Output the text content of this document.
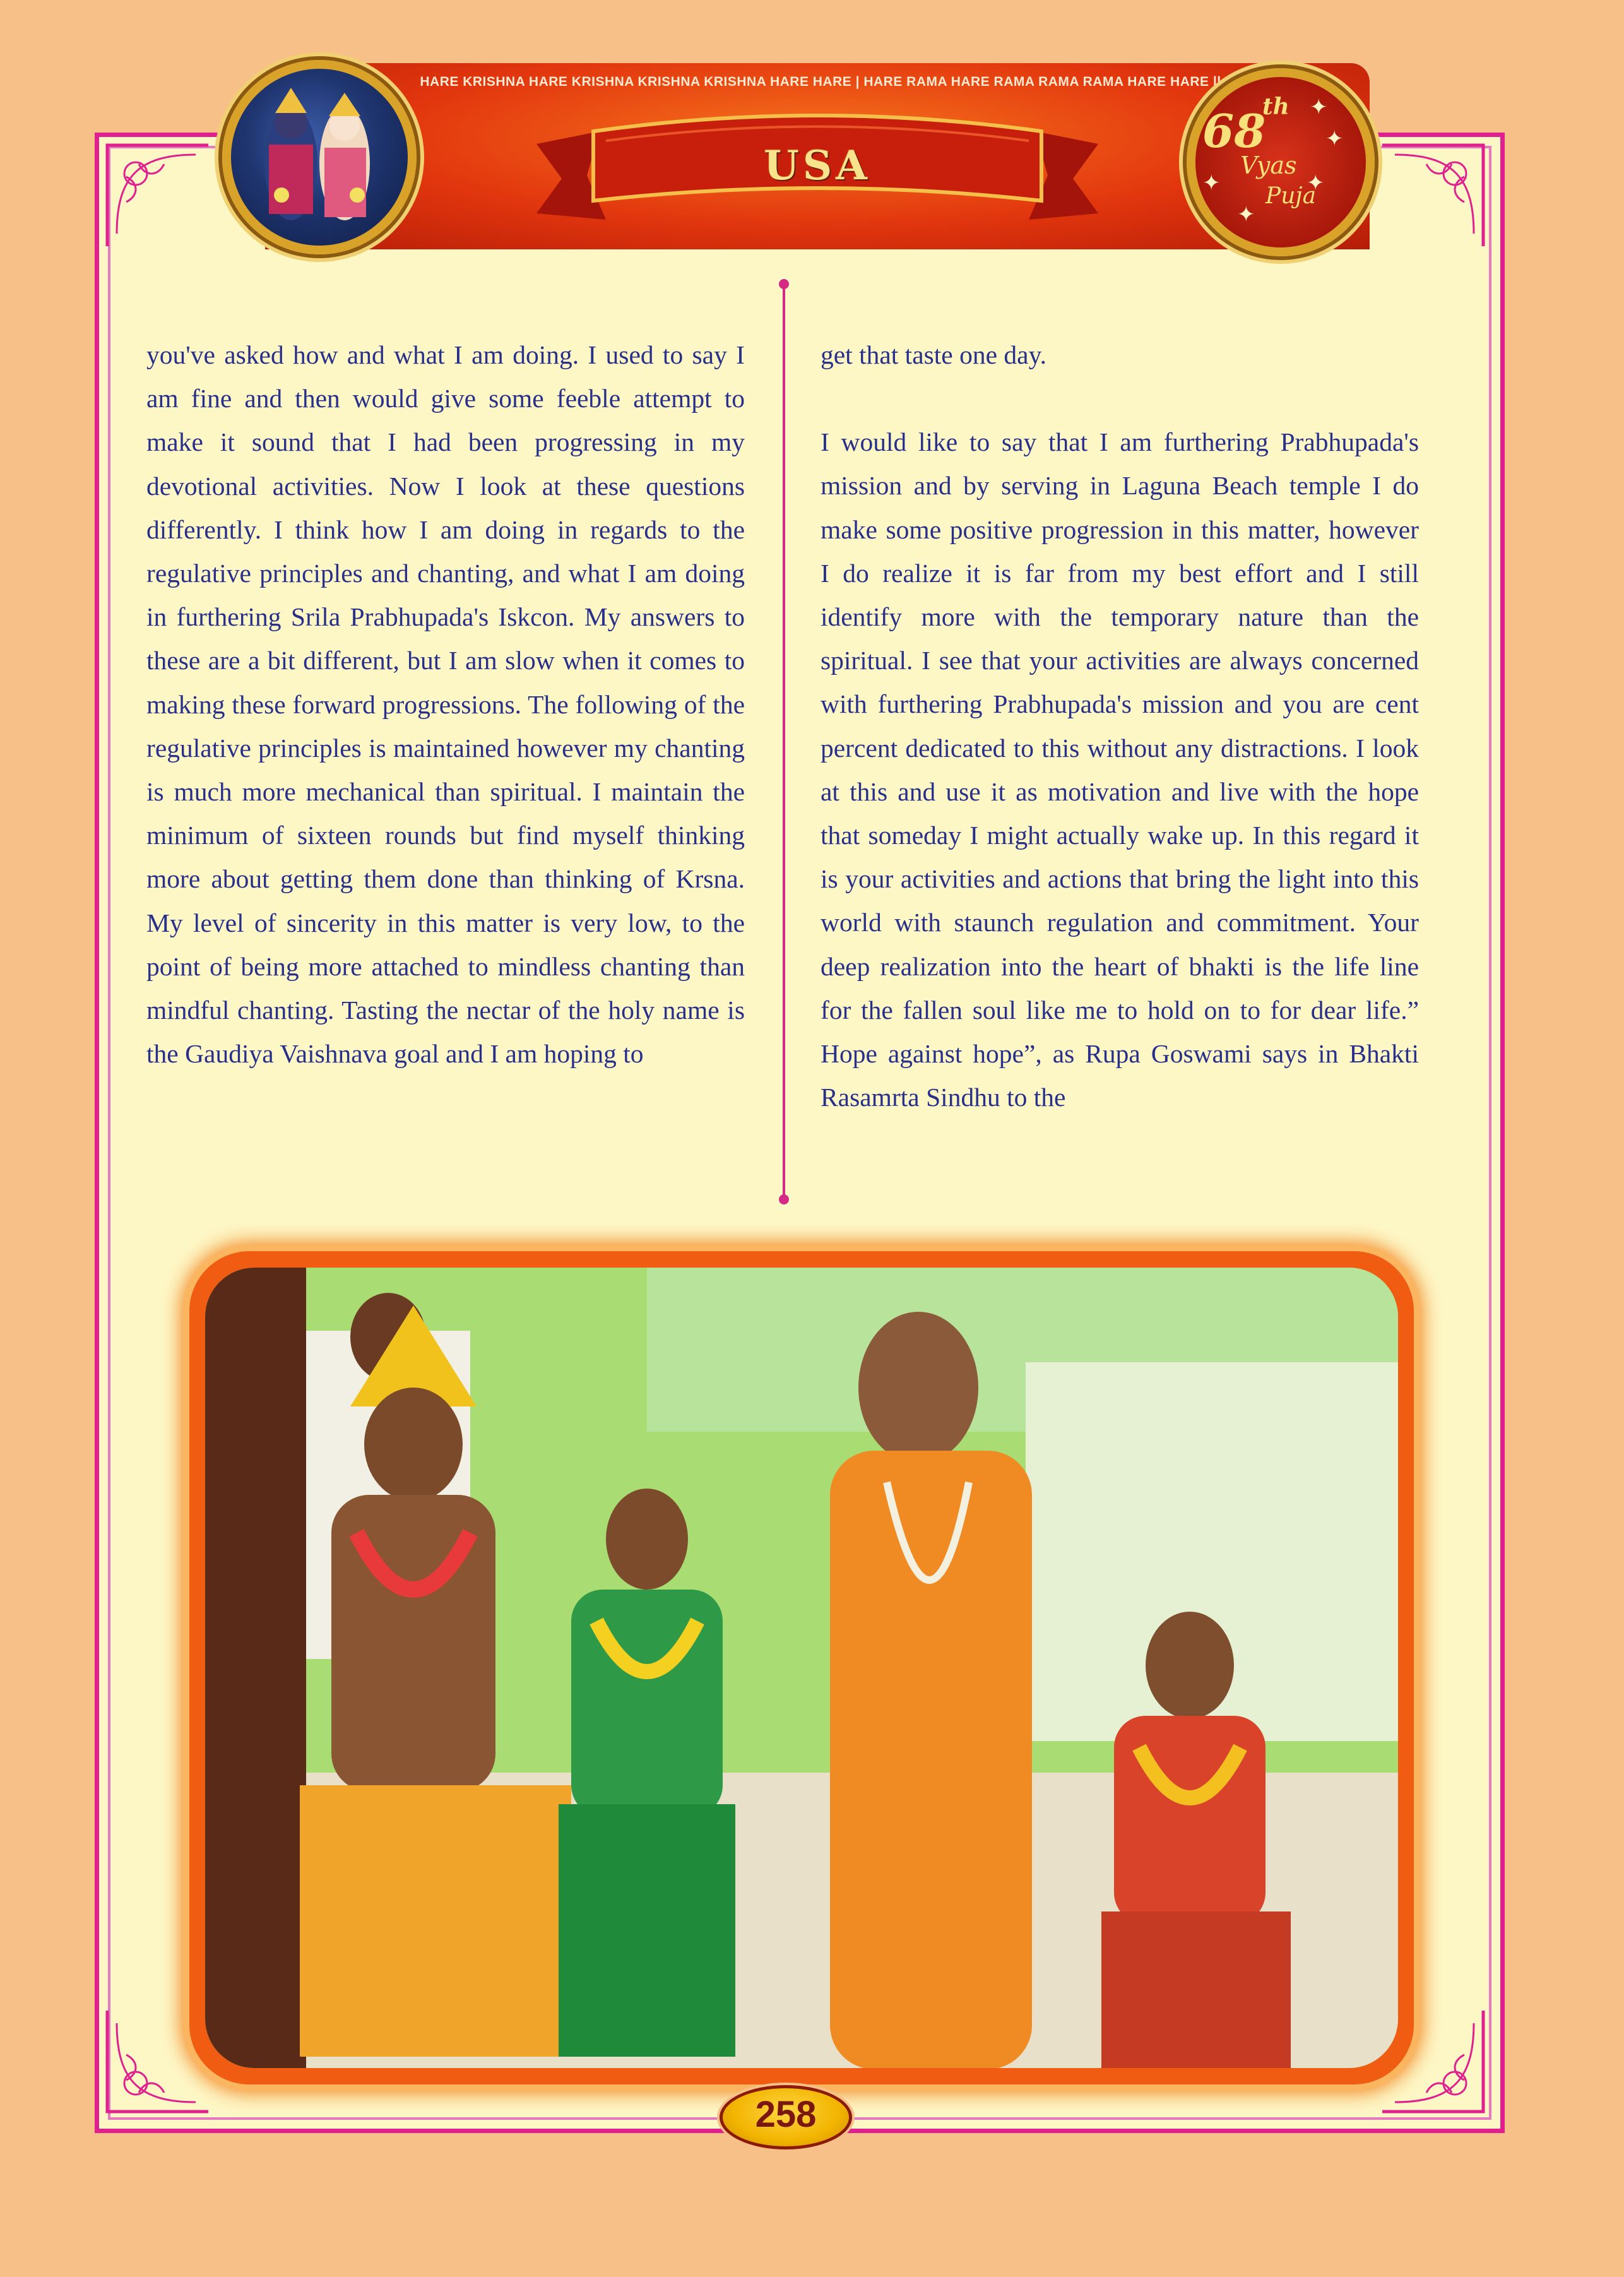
HARE KRISHNA HARE KRISHNA KRISHNA KRISHNA HARE HARE | HARE RAMA HARE RAMA RAMA RAMA HARE HARE ||
USA
68
th
Vyas
Puja
✦
✦
✦	✦
✦

you've asked how and what I am doing. I used to say I am fine and then would give some feeble attempt to make it sound that I had been progressing in my devotional activities. Now I look at these questions differently. I think how I am doing in regards to the regulative principles and chanting, and what I am doing in furthering Srila Prabhupada's Iskcon. My answers to these are a bit different, but I am slow when it comes to making these forward progressions. The following of the regulative principles is maintained however my chanting is much more mechanical than spiritual. I maintain the minimum of sixteen rounds but find myself thinking more about getting them done than thinking of Krsna. My level of sincerity in this matter is very low, to the point of being more attached to mindless chanting than mindful chanting. Tasting the nectar of the holy name is the Gaudiya Vaishnava goal and I am hoping to

get that taste one day.

I would like to say that I am furthering Prabhupada's mission and by serving in Laguna Beach temple I do make some positive progression in this matter, however I do realize it is far from my best effort and I still identify more with the temporary nature than the spiritual. I see that your activities are always concerned with furthering Prabhupada's mission and you are cent percent dedicated to this without any distractions. I look at this and use it as motivation and live with the hope that someday I might actually wake up. In this regard it is your activities and actions that bring the light into this world with staunch regulation and commitment. Your deep realization into the heart of bhakti is the life line for the fallen soul like me to hold on to for dear life.” Hope against hope”, as Rupa Goswami says in Bhakti Rasamrta Sindhu to the

258
